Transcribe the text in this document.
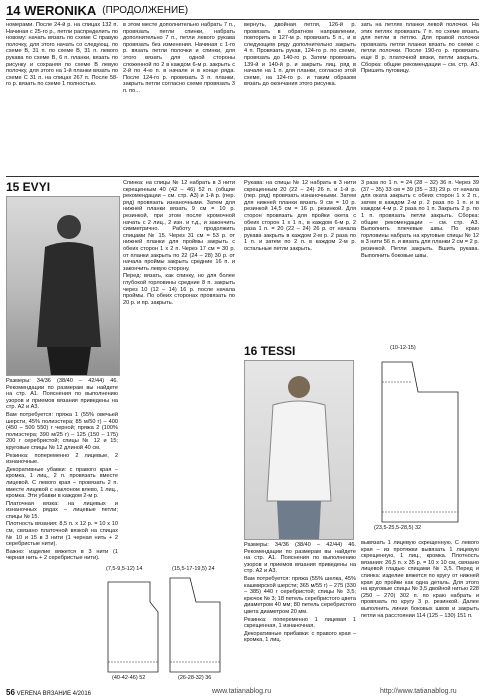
14 WERONIKA (ПРОДОЛЖЕНИЕ)
номерами. После 24-й р. на спицах 132 п. Начиная с 25-го р., петли распределить по новому: начать вязать по схеме С правую полочку, для этого начать со следующ. по схеме В, 31 п. по схеме В, 31 п. левого рукава по схеме В, 6 п. планки, вязать по рисунку и сохраняя по схеме В левую полочку, для этого на 1-й планки вязать по схеме С 31 п. на спицах 267 п. После 58-го р. вязать по схеме 1 полностью.
в этом месте дополнительно набрать 7 п., провязать петли спинки, набрать дополнительно 7 п., петли левого рукава провязать без изменения. Начиная с 1-го р. вязать петли полочки и спинки, для этого вязать для одной стороны сложенной по 2 в каждом 6-м р. закрыть с 2-й по 4-ю п. в начале и в конце ряда. После 124-го р. провязать 3 п. планки, закрыть петли согласно схеме провязать 3 п. по...
вернуть, двойная петля, 126-й р. провязать в обратном направлении, повторить в 127-м р. провязать 5 п., и в следующем ряду дополнительно закрыть 4 п. Провязать рукав, 124-го р. по схеме, провязать до 140-го р. Затем провязать 139-й и 140-й р. и закрыть лиц. ряд в начале на 1 п. для планки, согласно этой схеме, на 124-го р. и таким образом вязать до окончания этого рисунка.
зать на петлях планки левой полочки. На этих петлях провязать 7 п. по схеме вязать для петли в петлю. Для правой полочки провязать петли планки вязать по схеме с петли полочки. После 190-го р. провязать еще 8 р. платочной вязки, петли закрыть. Сборка: общие рекомендации – см. стр. А3. Пришить пуговицу.
15 EVYI

Размеры: 34/36 (38/40 – 42/44) 46. Рекомендации по размерам вы найдете на стр. А1. Пояснения по выполнению узоров и приемов вязания приведены на стр. А2 и А3.

Вам потребуется: пряжа 1 (55% овечьей шерсти, 45% полиэстера; 85 м/50 г) – 400 (450 – 500 550) г черной; пряжа 2 (100% полиэстера; 390 м/25 г) – 125 (150 – 175) 200 г серебристой; спицы № 12 и 15; круговые спицы № 12 длиной 40 см.

Резинка: попеременно 2 лицевые, 2 изнаночные.

Декоративные убавки: с правого края – кромка, 1 лиц., 2 п. провязать вместе лицевой. С левого края – провязать 2 п. вместе лицевой с наклоном влево, 1 лиц., кромка. Эти убавки в каждом 2-м р.

Платочная вязка: на лицевых и изнаночных рядах – лицевые петли; спицы № 15.

Плотность вязания: 8,5 п. x 12 р. = 10 x 10 см, связано платочной вязкой на спицах № 10 и 15 в 3 нити (1 черная нить + 2 серебристые нити).

Важно: изделие вяжется в 3 нити (1 черная нить + 2 серебристые нити).

Спинка: на спицы № 12 набрать в 3 нити скрещенным 40 (42 – 46) 52 п. (общие рекомендации – см. стр. А3) и 1-й р. (пер. ряд) провязать изнаночными. Затем для нижней планки вязать 9 см = 10 р. резинкой, при этом после кромочной начать с 2 лиц., 2 изн. и т.д., и закончить симметрично. Работу продолжить спицами № 15. Через 31 см = 53 р. от нижней планки для проймы закрыть с обеих сторон 1 х 2 п. Через 17 см = 30 р. от планки закрыть по 22 (24 – 28) 30 р. от начала проймы закрыть средние 16 п. и закончить левую сторону.

Перед: вязать, как спинку, но для более глубокой горловины средние 8 п. закрыть через 10 (12 – 14) 16 р. после начала проймы. По обеих сторонах провязать по 20 р. и пр. закрыть.

Рукава: на спицы № 12 набрать в 3 нити скрещенным 20 (22 – 24) 26 п. и 1-й р. (пер. ряд) провязать изнаночными. Затем для нижней планки вязать 9 см = 10 р. резинкой 14,5 см = 16 р. резинкой. Для сторон провязать для пройки окета с обеих сторон 1 х 1 п., в каждом 6-м р. 2 раза 1 п. = 20 (22 – 24) 26 р. от начала рукава закрыть в каждом 2-м р. 2 раза по 1 п. и затем по 2 п. в каждом 2-м р. остальные петли закрыть.
3 раза по 1 п. = 24 (28 – 32) 36 п. Через 39 (37 – 35) 33 см = 39 (35 – 33) 29 р. от начала для оката закрыть с обеих сторон 1 х 2 п., затем в каждом 2-м р. 2 раза по 1 п. и в каждом 4-м р. 2 раза по 1 п. Закрыть 2 р. по 1 п. провязать петли закрыть. Сборка: общие рекомендации – см. стр. А3. Выполнить плечевые швы. По краю горловины набрать на круговые спицы № 12 в 3 нити 56 п. и вязать для планки 2 см = 2 р. резинкой. Петли закрыть. Вшить рукава. Выполнить боковые швы.
(7,5-9,5-12) 14	(15,5-17-19,5) 24
(40-42-46) 52	(26-28-32) 36
16 TESSI

Размеры: 34/36 (38/40 – 42/44) 46. Рекомендации по размерам вы найдете на стр. А1. Пояснения по выполнению узоров и приемов вязания приведены на стр. А2 и А3.

Вам потребуется: пряжа (55% шелка, 45% кашмирской шерсти; 365 м/55 г) – 275 (330 – 385) 440 г серебристой; спицы № 3,5; крючок № 3; 18 петель серебристого цвета диаметром 40 мм; 80 петель серебристого цвета диаметром 20 мм.

Резинка: попеременно 1 лицевая 1 скрещенная, 1 изнаночная.

Декоративные прибавки: с правого края – кромка, 1 лиц.

(10-12-15)
(23,5-25,5-28,5) 32
вывязать 1 лицевую скрещенную. С левого края – из протяжки вывязать 1 лицевую скрещенную, 1 лиц., кромка. Плотность вязания: 26,5 п. x 35 р. = 10 x 10 см, связано лицевой гладью спицами № 3,5. Перед и спинка: изделие вяжется по кругу от нижней края до пройки как одна деталь. Для этого на круговые спицы № 3,5 двойной нитью 228 (250 – 270) 302 п. по краю набрать и провязать по кругу 3 р. резинкой. Далее выполнить линии боковых швов и закрыть петли на расстоянии 114 (125 – 130) 151 п.
56 VERENA ВЯЗАНИЕ 4/2016	www.tatianablog.ru	http://www.tatianablog.ru
